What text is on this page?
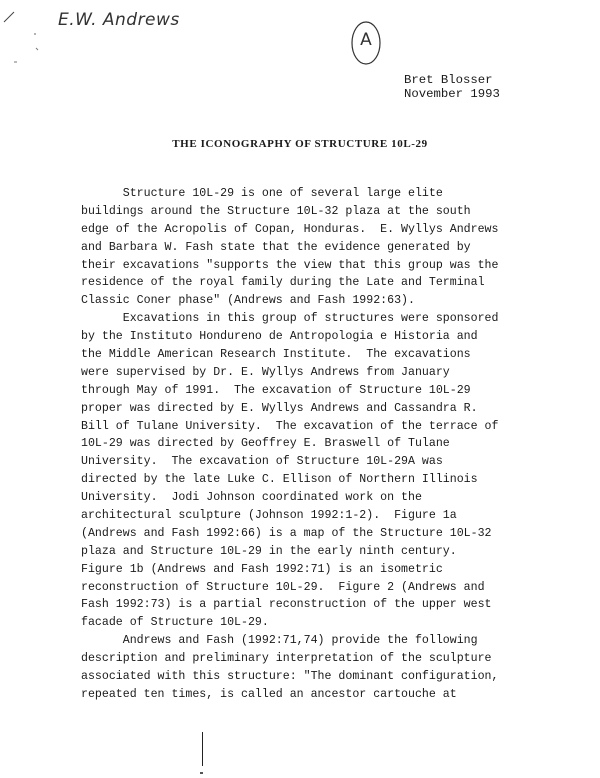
E.W. Andrews
A
Bret Blosser
November 1993
THE ICONOGRAPHY OF STRUCTURE 10L-29
Structure 10L-29 is one of several large elite
buildings around the Structure 10L-32 plaza at the south
edge of the Acropolis of Copan, Honduras.  E. Wyllys Andrews
and Barbara W. Fash state that the evidence generated by
their excavations "supports the view that this group was the
residence of the royal family during the Late and Terminal
Classic Coner phase" (Andrews and Fash 1992:63).
Excavations in this group of structures were sponsored
by the Instituto Hondureno de Antropologia e Historia and
the Middle American Research Institute.  The excavations
were supervised by Dr. E. Wyllys Andrews from January
through May of 1991.  The excavation of Structure 10L-29
proper was directed by E. Wyllys Andrews and Cassandra R.
Bill of Tulane University.  The excavation of the terrace of
10L-29 was directed by Geoffrey E. Braswell of Tulane
University.  The excavation of Structure 10L-29A was
directed by the late Luke C. Ellison of Northern Illinois
University.  Jodi Johnson coordinated work on the
architectural sculpture (Johnson 1992:1-2).  Figure 1a
(Andrews and Fash 1992:66) is a map of the Structure 10L-32
plaza and Structure 10L-29 in the early ninth century.
Figure 1b (Andrews and Fash 1992:71) is an isometric
reconstruction of Structure 10L-29.  Figure 2 (Andrews and
Fash 1992:73) is a partial reconstruction of the upper west
facade of Structure 10L-29.
Andrews and Fash (1992:71,74) provide the following
description and preliminary interpretation of the sculpture
associated with this structure: "The dominant configuration,
repeated ten times, is called an ancestor cartouche at
